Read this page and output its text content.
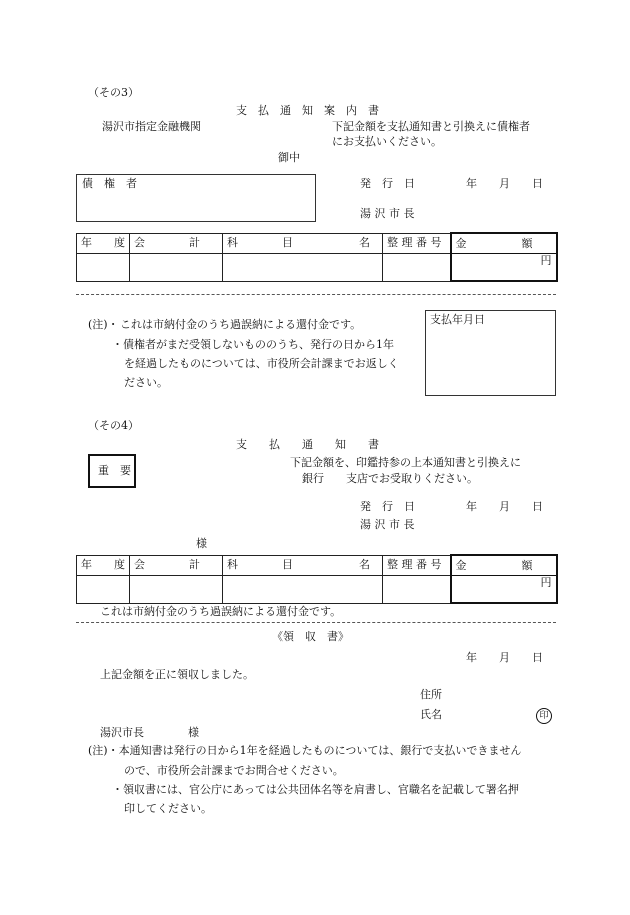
（その3）
支　払　通　知　案　内　書
湯沢市指定金融機関	下記金額を支払通知書と引換えに債権者
にお支払いください。
御中
債　権　者	発　行　日	年　　月　　日
湯 沢 市 長
年　　度	会　　　　計	科　　　　目　　　　　　名	整 理 番 号	金　　　　　額
				円
(注)・ これは市納付金のうち過誤納による還付金です。
・債権者がまだ受領しないもののうち、発行の日から1年
を経過したものについては、市役所会計課までお返しく
ださい。
支払年月日
（その4）
支　　払　　通　　知　　書
重　要
下記金額を、印鑑持参の上本通知書と引換えに
銀行　　支店でお受取りください。
発　行　日	年　　月　　日
湯 沢 市 長
様
年　　度	会　　　　計	科　　　　目　　　　　　名	整 理 番 号	金　　　　　額
				円
これは市納付金のうち過誤納による還付金です。
《領　収　書》
年　　月　　日
上記金額を正に領収しました。
住所
氏名	印
湯沢市長　　　　様
(注)・本通知書は発行の日から1年を経過したものについては、銀行で支払いできません
ので、市役所会計課までお問合せください。
・領収書には、官公庁にあっては公共団体名等を肩書し、官職名を記載して署名押
印してください。
